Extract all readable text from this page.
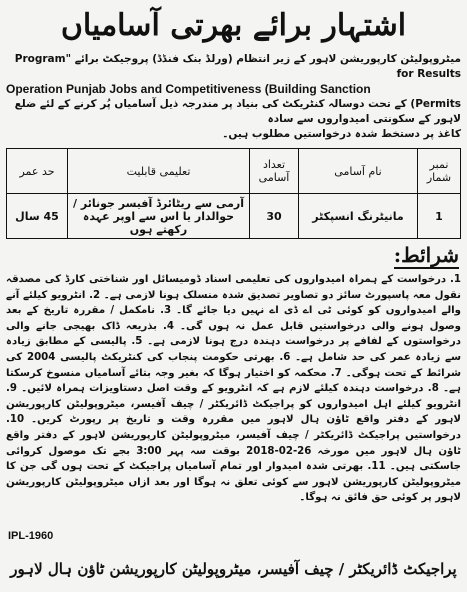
اشتہار برائے بھرتی آسامیاں
میٹروپولیٹن کارپوریشن لاہور کے زیر انتظام (ورلڈ بنک فنڈڈ) پروجیکٹ برائے "Program for Results
Operation Punjab Jobs and Competitiveness (Building Sanction
Permits) کے تحت دوسالہ کنٹریکٹ کی بنیاد پر مندرجہ ذیل آسامیاں پُر کرنے کے لئے ضلع لاہور کے سکونتی امیدواروں سے سادہ
کاغذ پر دستخط شدہ درخواستیں مطلوب ہیں۔
نمبر شمار	نام آسامی	تعداد آسامی	تعلیمی قابلیت	حد عمر
1	مانیٹرنگ انسپکٹر	30	آرمی سے ریٹائرڈ آفیسر جونائر / حوالدار یا اس سے اوپر عہدہ رکھتے ہوں	45 سال
شرائط:
1. درخواست کے ہمراہ امیدواروں کی تعلیمی اسناد ڈومیسائل اور شناختی کارڈ کی مصدقہ نقول معہ پاسپورٹ سائز دو تصاویر تصدیق شدہ منسلک ہونا لازمی ہے۔ 2. انٹرویو کیلئے آنے والے امیدواروں کو کوئی ٹی اے ڈی اے نہیں دیا جائے گا۔ 3. نامکمل / مقررہ تاریخ کے بعد وصول ہونے والی درخواستیں قابل عمل نہ ہوں گی۔ 4. بذریعہ ڈاک بھیجی جانے والی درخواستوں کے لفافے پر درخواست دہندہ درج ہونا لازمی ہے۔ 5. پالیسی کے مطابق زیادہ سے زیادہ عمر کی حد شامل ہے۔ 6. بھرتی حکومت پنجاب کی کنٹریکٹ پالیسی 2004 کی شرائط کے تحت ہوگی۔ 7. محکمہ کو اختیار ہوگا کہ بغیر وجہ بتائے آسامیاں منسوخ کرسکتا ہے۔ 8. درخواست دہندہ کیلئے لازم ہے کہ انٹرویو کے وقت اصل دستاویزات ہمراہ لائیں۔ 9. انٹرویو کیلئے اہل امیدواروں کو پراجیکٹ ڈائریکٹر / چیف آفیسر، میٹروپولیٹن کارپوریشن لاہور کے دفتر واقع ٹاؤن ہال لاہور میں مقررہ وقت و تاریخ پر رپورٹ کریں۔ 10. درخواستیں پراجیکٹ ڈائریکٹر / چیف آفیسر، میٹروپولیٹن کارپوریشن لاہور کے دفتر واقع ٹاؤن ہال لاہور میں مورخہ 26-02-2018 بوقت سہ پہر 3:00 بجے تک موصول کروائی جاسکتی ہیں۔ 11. بھرتی شدہ امیدوار اور تمام آسامیاں پراجیکٹ کے تحت ہوں گی جن کا میٹروپولیٹن کارپوریشن لاہور سے کوئی تعلق نہ ہوگا اور بعد ازاں میٹروپولیٹن کارپوریشن لاہور پر کوئی حق فائق نہ ہوگا۔
IPL-1960
پراجیکٹ ڈائریکٹر / چیف آفیسر، میٹروپولیٹن کارپوریشن ٹاؤن ہال لاہور
